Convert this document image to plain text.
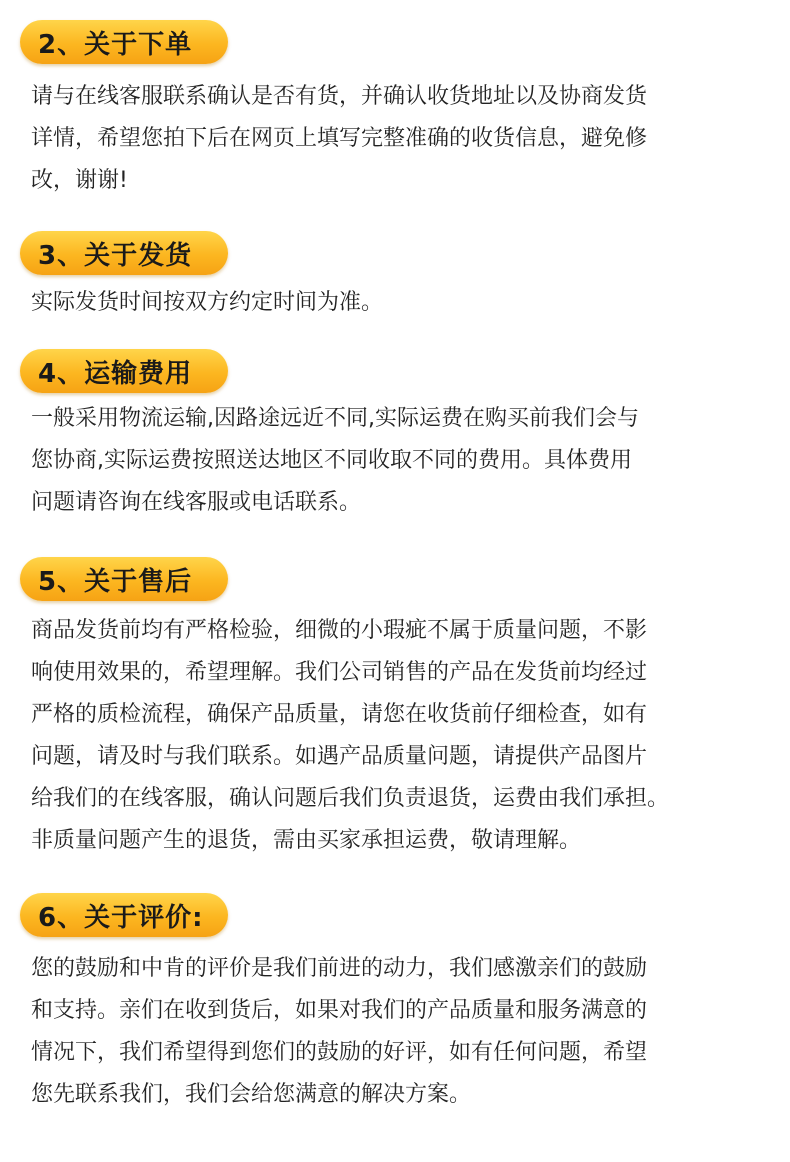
2、关于下单
请与在线客服联系确认是否有货，并确认收货地址以及协商发货
详情，希望您拍下后在网页上填写完整准确的收货信息，避免修
改，谢谢!
3、关于发货
实际发货时间按双方约定时间为准。
4、运输费用
一般采用物流运输,因路途远近不同,实际运费在购买前我们会与
您协商,实际运费按照送达地区不同收取不同的费用。具体费用
问题请咨询在线客服或电话联系。
5、关于售后
商品发货前均有严格检验，细微的小瑕疵不属于质量问题，不影
响使用效果的，希望理解。我们公司销售的产品在发货前均经过
严格的质检流程，确保产品质量，请您在收货前仔细检查，如有
问题，请及时与我们联系。如遇产品质量问题，请提供产品图片
给我们的在线客服，确认问题后我们负责退货，运费由我们承担。
非质量问题产生的退货，需由买家承担运费，敬请理解。
6、关于评价:
您的鼓励和中肯的评价是我们前进的动力，我们感激亲们的鼓励
和支持。亲们在收到货后，如果对我们的产品质量和服务满意的
情况下，我们希望得到您们的鼓励的好评，如有任何问题，希望
您先联系我们，我们会给您满意的解决方案。
